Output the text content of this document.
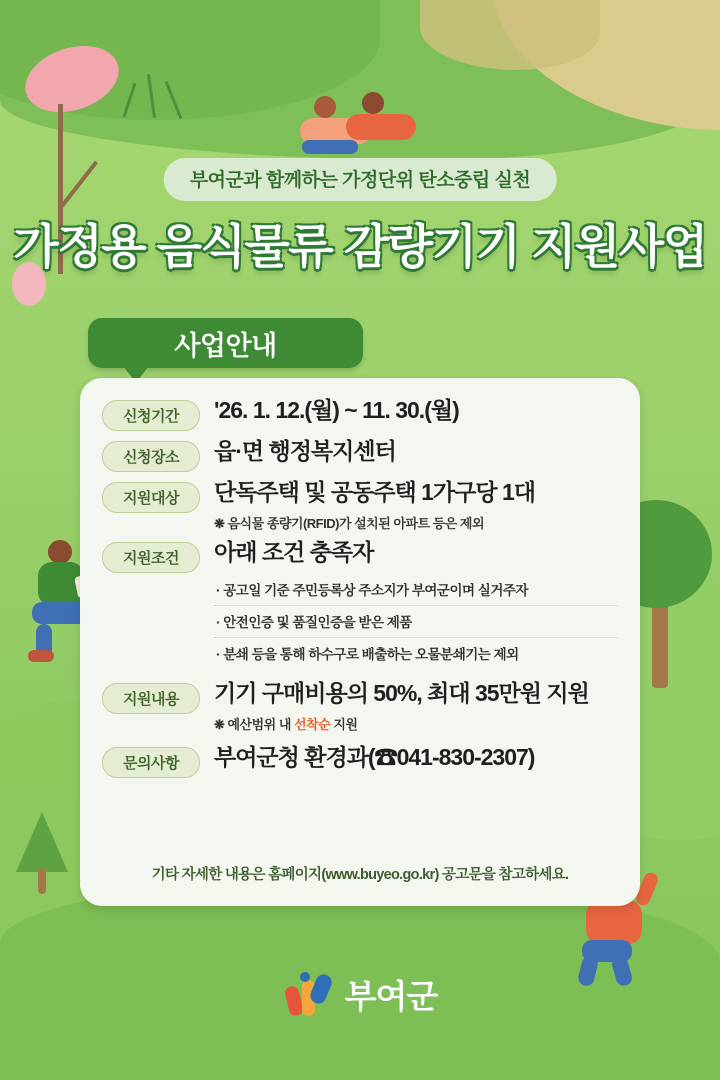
부여군과 함께하는 가정단위 탄소중립 실천
가정용 음식물류 감량기기 지원사업
사업안내
신청기간	'26. 1. 12.(월) ~ 11. 30.(월)
신청장소	읍·면 행정복지센터
지원대상	단독주택 및 공동주택 1가구당 1대
❋ 음식물 종량기(RFID)가 설치된 아파트 등은 제외
지원조건	아래 조건 충족자
· 공고일 기준 주민등록상 주소지가 부여군이며 실거주자
· 안전인증 및 품질인증을 받은 제품
· 분쇄 등을 통해 하수구로 배출하는 오물분쇄기는 제외
지원내용	기기 구매비용의 50%, 최대 35만원 지원
❋ 예산범위 내 선착순 지원
문의사항	부여군청 환경과(☎041-830-2307)
기타 자세한 내용은 홈페이지(www.buyeo.go.kr) 공고문을 참고하세요.
부여군
